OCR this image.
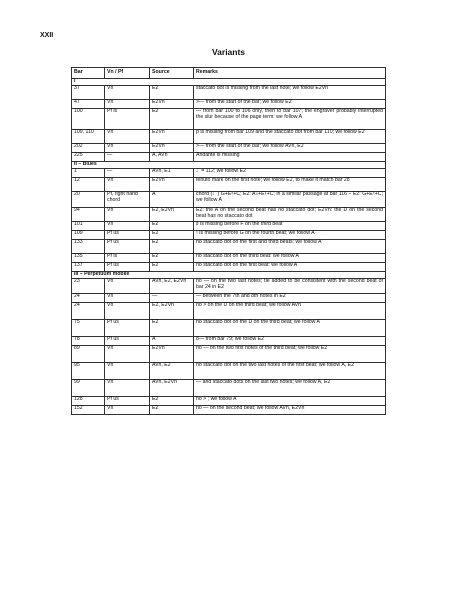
XXII
Variants
Bar	Vn / Pf	Source	Remarks
I			
37	Vn	E2	staccato dot is missing from the last note; we follow E2Vn
47	Vn	E2Vn	>— from the start of the bar; we follow E2
100	Pf ls	E2	— from bar 100 to 106 only, then to bar 107; the engraver probably interrupted the slur because of the page term: we follow A
109, 110	Vn	E2Vn	p is missing from bar 109 and the staccato dot from bar 110; we follow E2
202	Vn	E2Vn	>— from the start of the bar; we follow AVn, E2
225	—	A, AVn	Andante is missing
II – Blues			
1	—	AVn, E1	♩= 112; we follow E2
12	Vn	E2Vn	tenuto mark on the first note; we follow E2, to make it match bar 28
20	Pf, right hand chord	A	chord (♩) G+E♮+C; E2: A♭+E♮+C; in a similar passage at bar 116 – E2: G+E♮+C; we follow A
94	Vn	E2, E2Vn	E2: the A on the second beat has no staccato dot; E2Vn: the D on the second beat has no staccato dot
101	Vn	E2	♯ is missing before F on the third beat
109	Pf us	E2	♮ is missing before G on the fourth beat; we follow A
133	Pf us	E2	no staccato dot on the first and third beats: we follow A
135	Pf ls	E2	no staccato dot on the third beat: we follow A
137	Pf us	E2	no staccato dot on the first beat: we follow A
III – Perpetuum mobile			
23	Vn	AVn, E2, E2Vn	no — on the two last notes; tie added to be consistent with the second beat of bar 24 in E2
24	Vn	—	— between the 7th and 8th notes in E2
24	Vn	E2, E2Vn	no > on the D on the third beat; we follow AVn
75	Pf us	E2	no staccato dot on the D on the third beat; we follow A
78	Pf us	A	8— from bar 79; we follow E2
89	Vn	E2Vn	no — on the two first notes of the third beat; we follow E2
95	Vn	AVn, E2	no staccato dot on the two last notes of the first beat; we follow A, E2
99	Vn	AVn, E2Vn	— and staccato dots on the last two notes; we follow A, E2
128	Pf us	E2	no > ; we follow A
152	Vn	E2	no — on the second beat; we follow AVn, E2Vn
